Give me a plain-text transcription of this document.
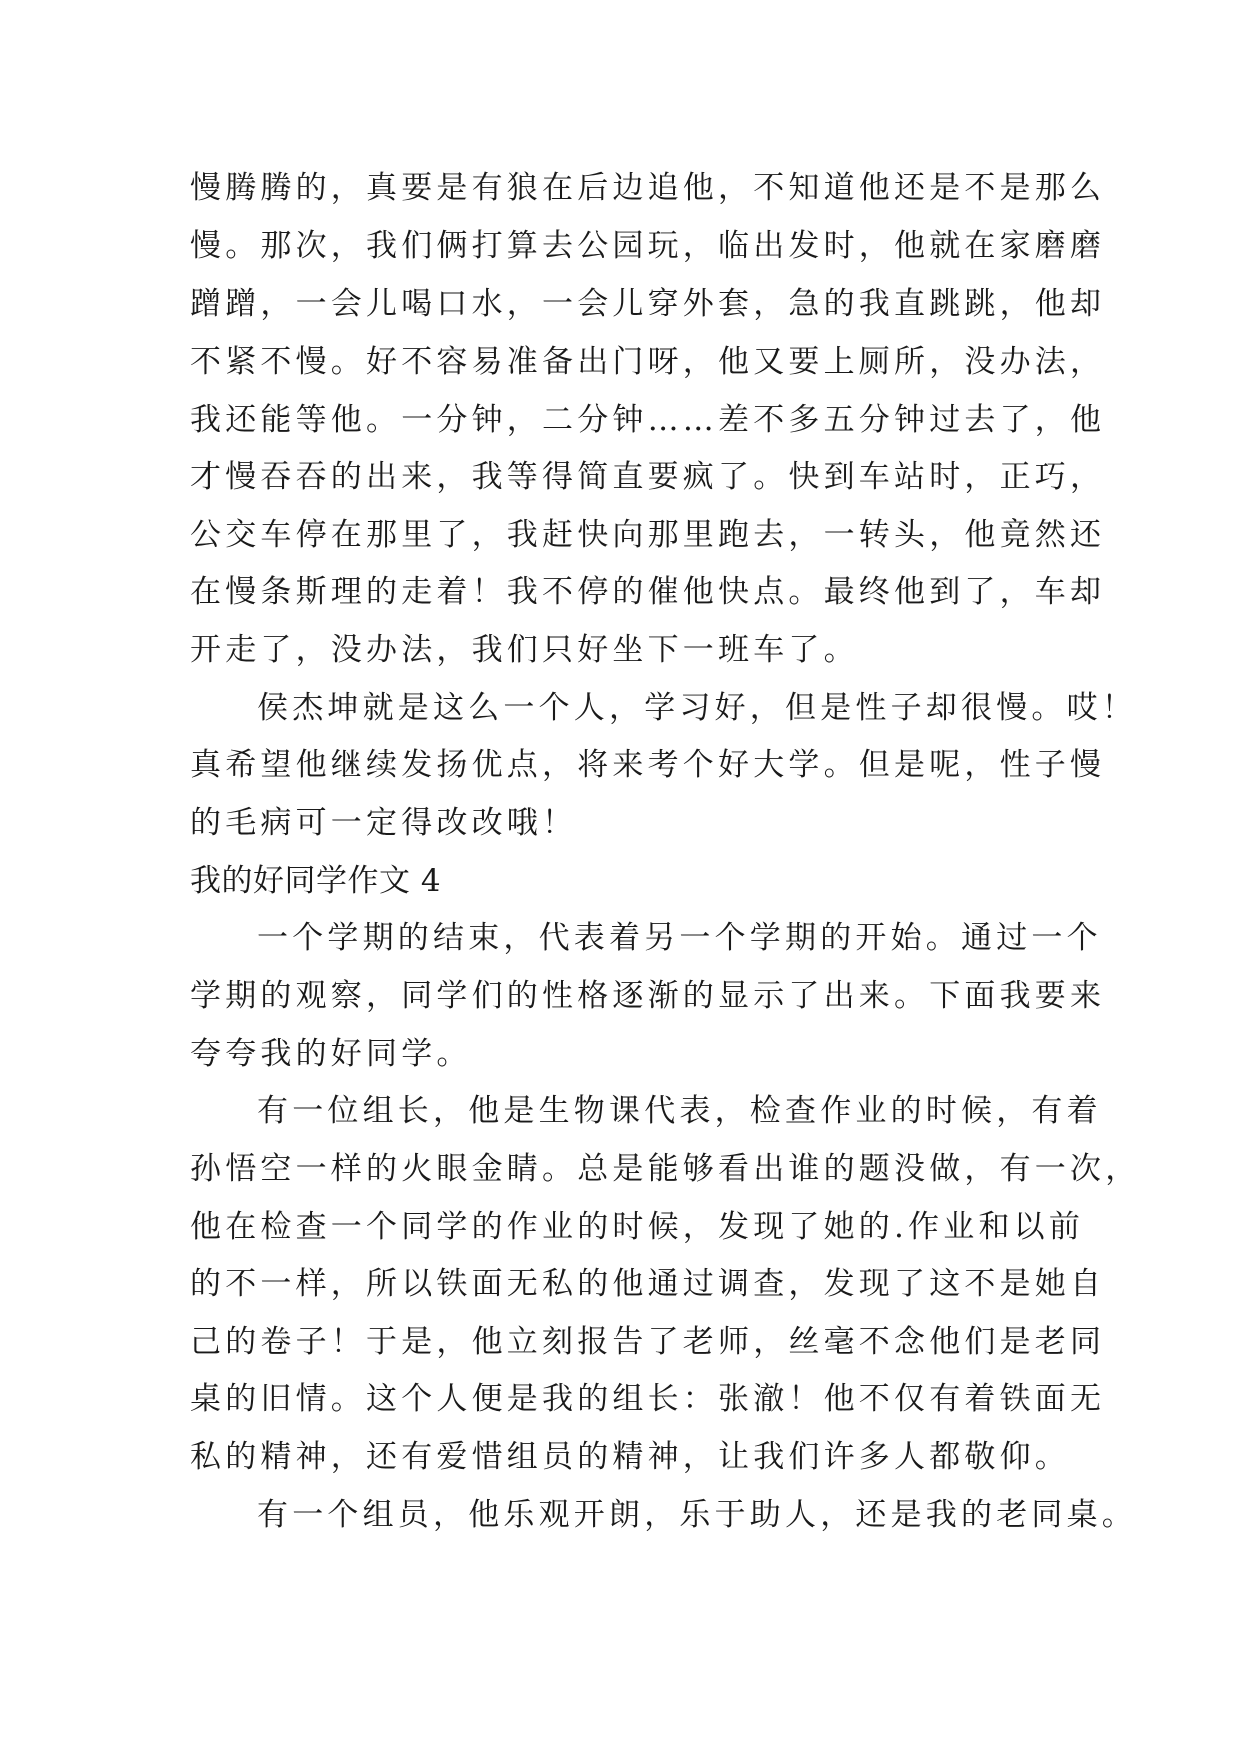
慢腾腾的，真要是有狼在后边追他，不知道他还是不是那么
慢。那次，我们俩打算去公园玩，临出发时，他就在家磨磨
蹭蹭，一会儿喝口水，一会儿穿外套，急的我直跳跳，他却
不紧不慢。好不容易准备出门呀，他又要上厕所，没办法，
我还能等他。一分钟，二分钟……差不多五分钟过去了，他
才慢吞吞的出来，我等得简直要疯了。快到车站时，正巧，
公交车停在那里了，我赶快向那里跑去，一转头，他竟然还
在慢条斯理的走着！我不停的催他快点。最终他到了，车却
开走了，没办法，我们只好坐下一班车了。
侯杰坤就是这么一个人，学习好，但是性子却很慢。哎！
真希望他继续发扬优点，将来考个好大学。但是呢，性子慢
的毛病可一定得改改哦！
我的好同学作文 4
一个学期的结束，代表着另一个学期的开始。通过一个
学期的观察，同学们的性格逐渐的显示了出来。下面我要来
夸夸我的好同学。
有一位组长，他是生物课代表，检查作业的时候，有着
孙悟空一样的火眼金睛。总是能够看出谁的题没做，有一次，
他在检查一个同学的作业的时候，发现了她的.作业和以前
的不一样，所以铁面无私的他通过调查，发现了这不是她自
己的卷子！于是，他立刻报告了老师，丝毫不念他们是老同
桌的旧情。这个人便是我的组长：张澈！他不仅有着铁面无
私的精神，还有爱惜组员的精神，让我们许多人都敬仰。
有一个组员，他乐观开朗，乐于助人，还是我的老同桌。
